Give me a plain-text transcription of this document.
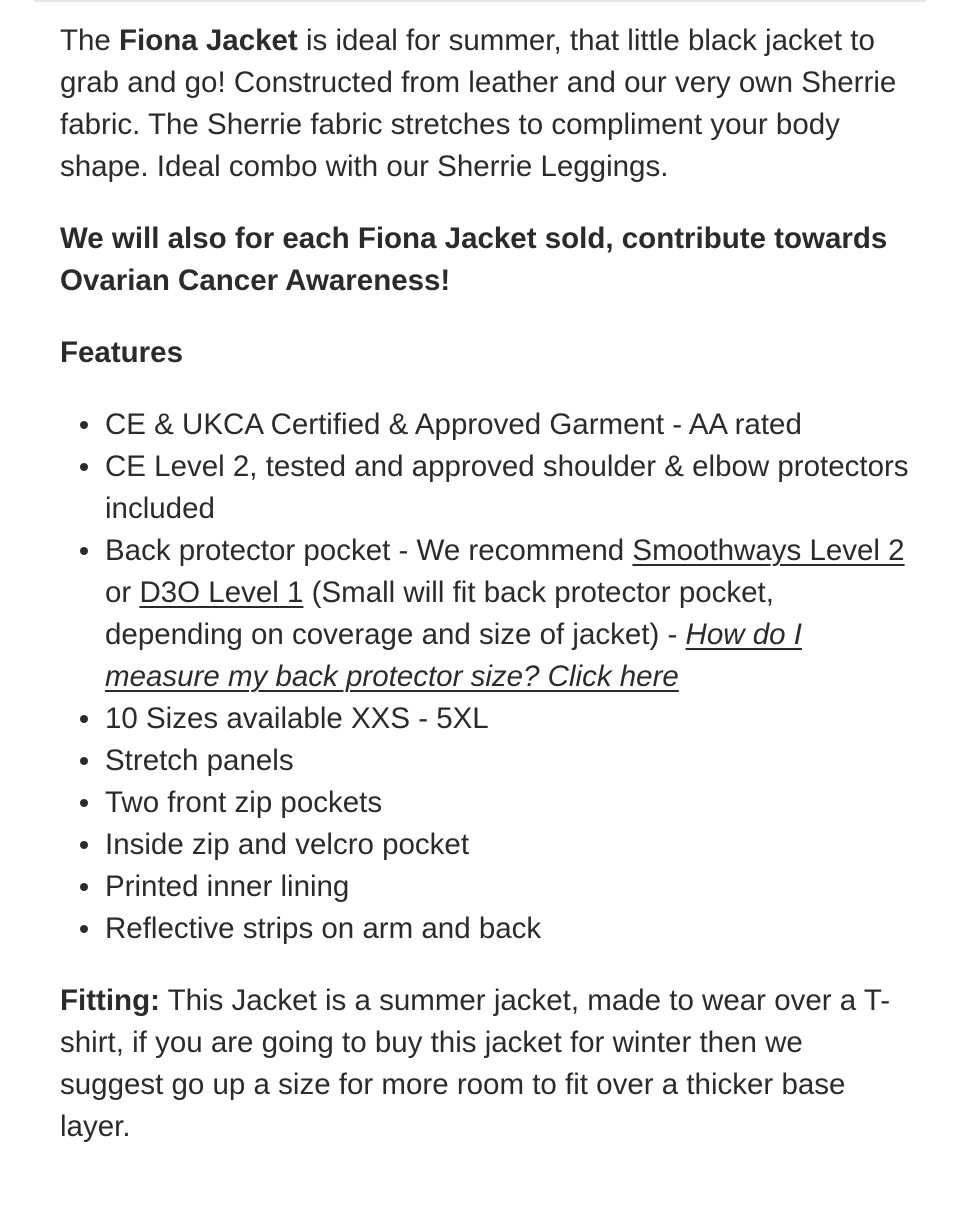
The Fiona Jacket is ideal for summer, that little black jacket to grab and go! Constructed from leather and our very own Sherrie fabric. The Sherrie fabric stretches to compliment your body shape. Ideal combo with our Sherrie Leggings.

We will also for each Fiona Jacket sold, contribute towards Ovarian Cancer Awareness!

Features

CE & UKCA Certified & Approved Garment - AA rated
CE Level 2, tested and approved shoulder & elbow protectors included
Back protector pocket - We recommend Smoothways Level 2 or D3O Level 1 (Small will fit back protector pocket, depending on coverage and size of jacket) - How do I measure my back protector size? Click here
10 Sizes available XXS - 5XL
Stretch panels
Two front zip pockets
Inside zip and velcro pocket
Printed inner lining
Reflective strips on arm and back

Fitting: This Jacket is a summer jacket, made to wear over a T-shirt, if you are going to buy this jacket for winter then we suggest go up a size for more room to fit over a thicker base layer.
